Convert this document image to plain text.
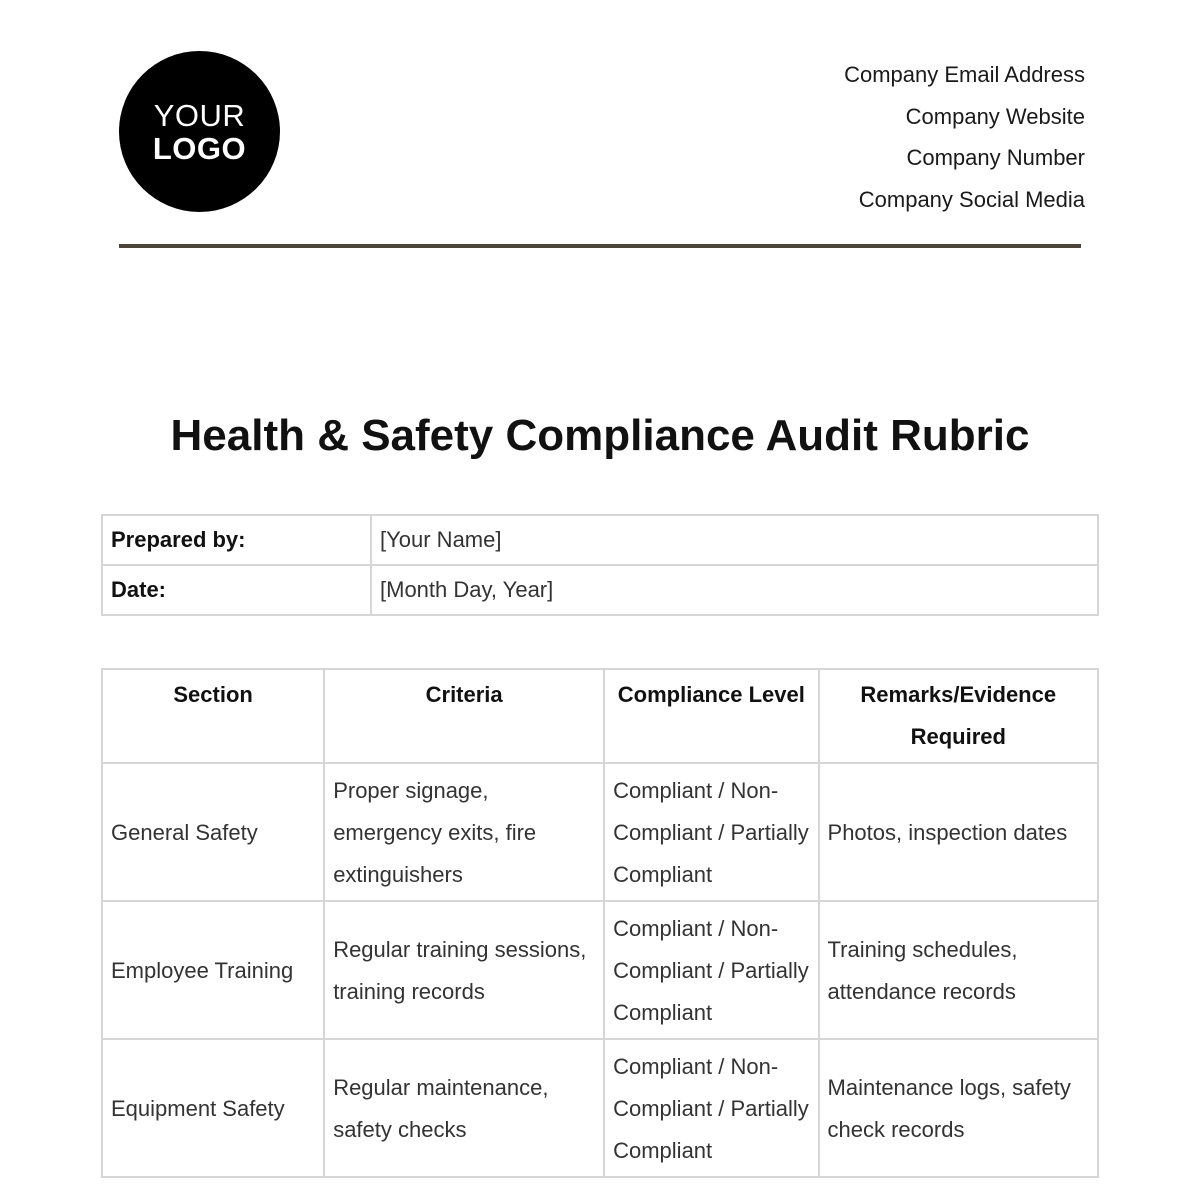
YOUR
LOGO
Company Email Address
Company Website
Company Number
Company Social Media
Health & Safety Compliance Audit Rubric
Prepared by:	[Your Name]
Date:	[Month Day, Year]
Section	Criteria	Compliance Level	Remarks/Evidence Required
General Safety	Proper signage, emergency exits, fire extinguishers	Compliant / Non-Compliant / Partially Compliant	Photos, inspection dates
Employee Training	Regular training sessions, training records	Compliant / Non-Compliant / Partially Compliant	Training schedules, attendance records
Equipment Safety	Regular maintenance, safety checks	Compliant / Non-Compliant / Partially Compliant	Maintenance logs, safety check records
